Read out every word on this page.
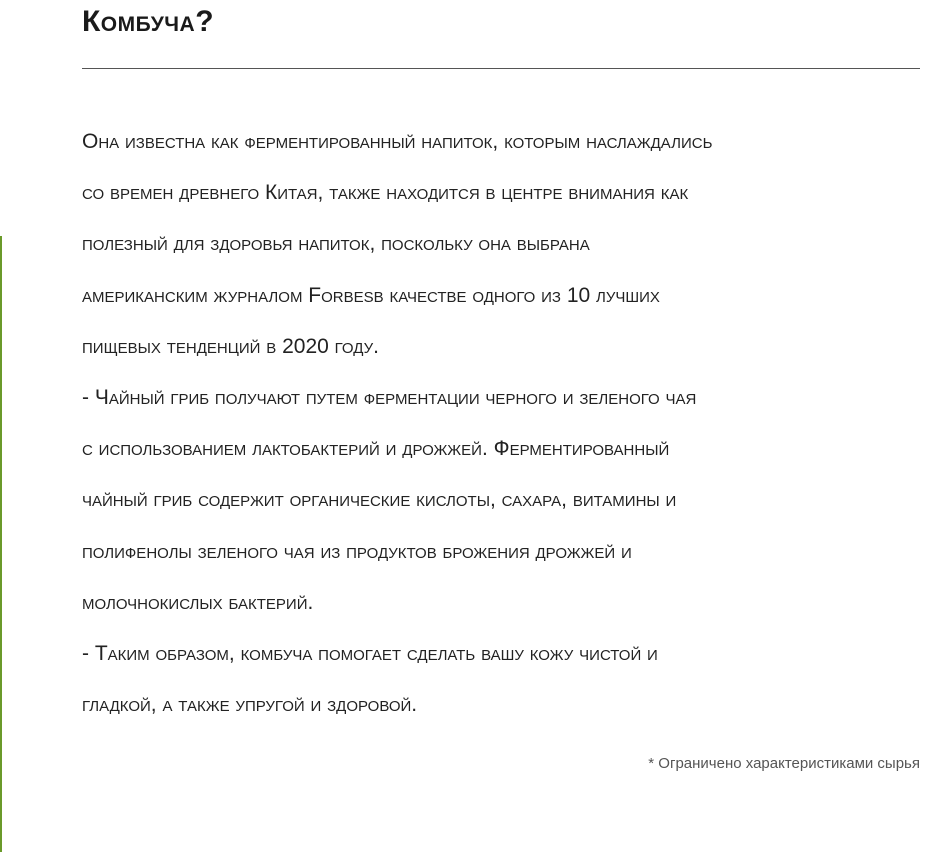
Комбуча?
Она известна как ферментированный напиток, которым наслаждались
со времен древнего Китая, также находится в центре внимания как
полезный для здоровья напиток, поскольку она выбрана
американским журналом Forbesв качестве одного из 10 лучших
пищевых тенденций в 2020 году.
- Чайный гриб получают путем ферментации черного и зеленого чая
с использованием лактобактерий и дрожжей. Ферментированный
чайный гриб содержит органические кислоты, сахара, витамины и
полифенолы зеленого чая из продуктов брожения дрожжей и
молочнокислых бактерий.
- Таким образом, комбуча помогает сделать вашу кожу чистой и
гладкой, а также упругой и здоровой.
* Ограничено характеристиками сырья
